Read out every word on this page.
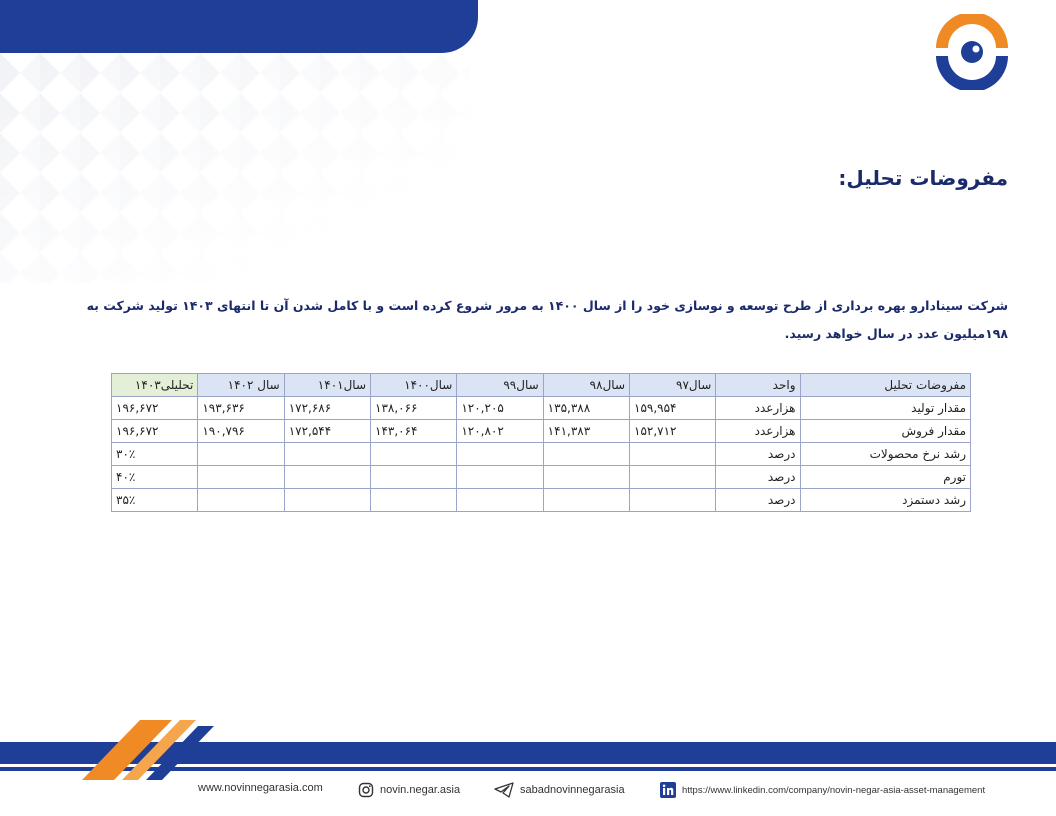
مفروضات تحلیل:
شرکت سینادارو بهره برداری از طرح توسعه و نوسازی خود را از سال ۱۴۰۰ به مرور شروع کرده است و با کامل شدن آن تا انتهای ۱۴۰۳ تولید شرکت به ۱۹۸میلیون عدد در سال خواهد رسید.
مفروضات تحلیل	واحد	سال۹۷	سال۹۸	سال۹۹	سال۱۴۰۰	سال۱۴۰۱	سال ۱۴۰۲	تحلیلی۱۴۰۳
مقدار تولید	هزارعدد	۱۵۹,۹۵۴	۱۳۵,۳۸۸	۱۲۰,۲۰۵	۱۳۸,۰۶۶	۱۷۲,۶۸۶	۱۹۳,۶۳۶	۱۹۶,۶۷۲
مقدار فروش	هزارعدد	۱۵۲,۷۱۲	۱۴۱,۳۸۳	۱۲۰,۸۰۲	۱۴۳,۰۶۴	۱۷۲,۵۴۴	۱۹۰,۷۹۶	۱۹۶,۶۷۲
رشد نرخ محصولات	درصد							۳۰٪
تورم	درصد							۴۰٪
رشد دستمزد	درصد							۳۵٪
www.novinnegarasia.com	novin.negar.asia	sabadnovinnegarasia	https://www.linkedin.com/company/novin-negar-asia-asset-management
